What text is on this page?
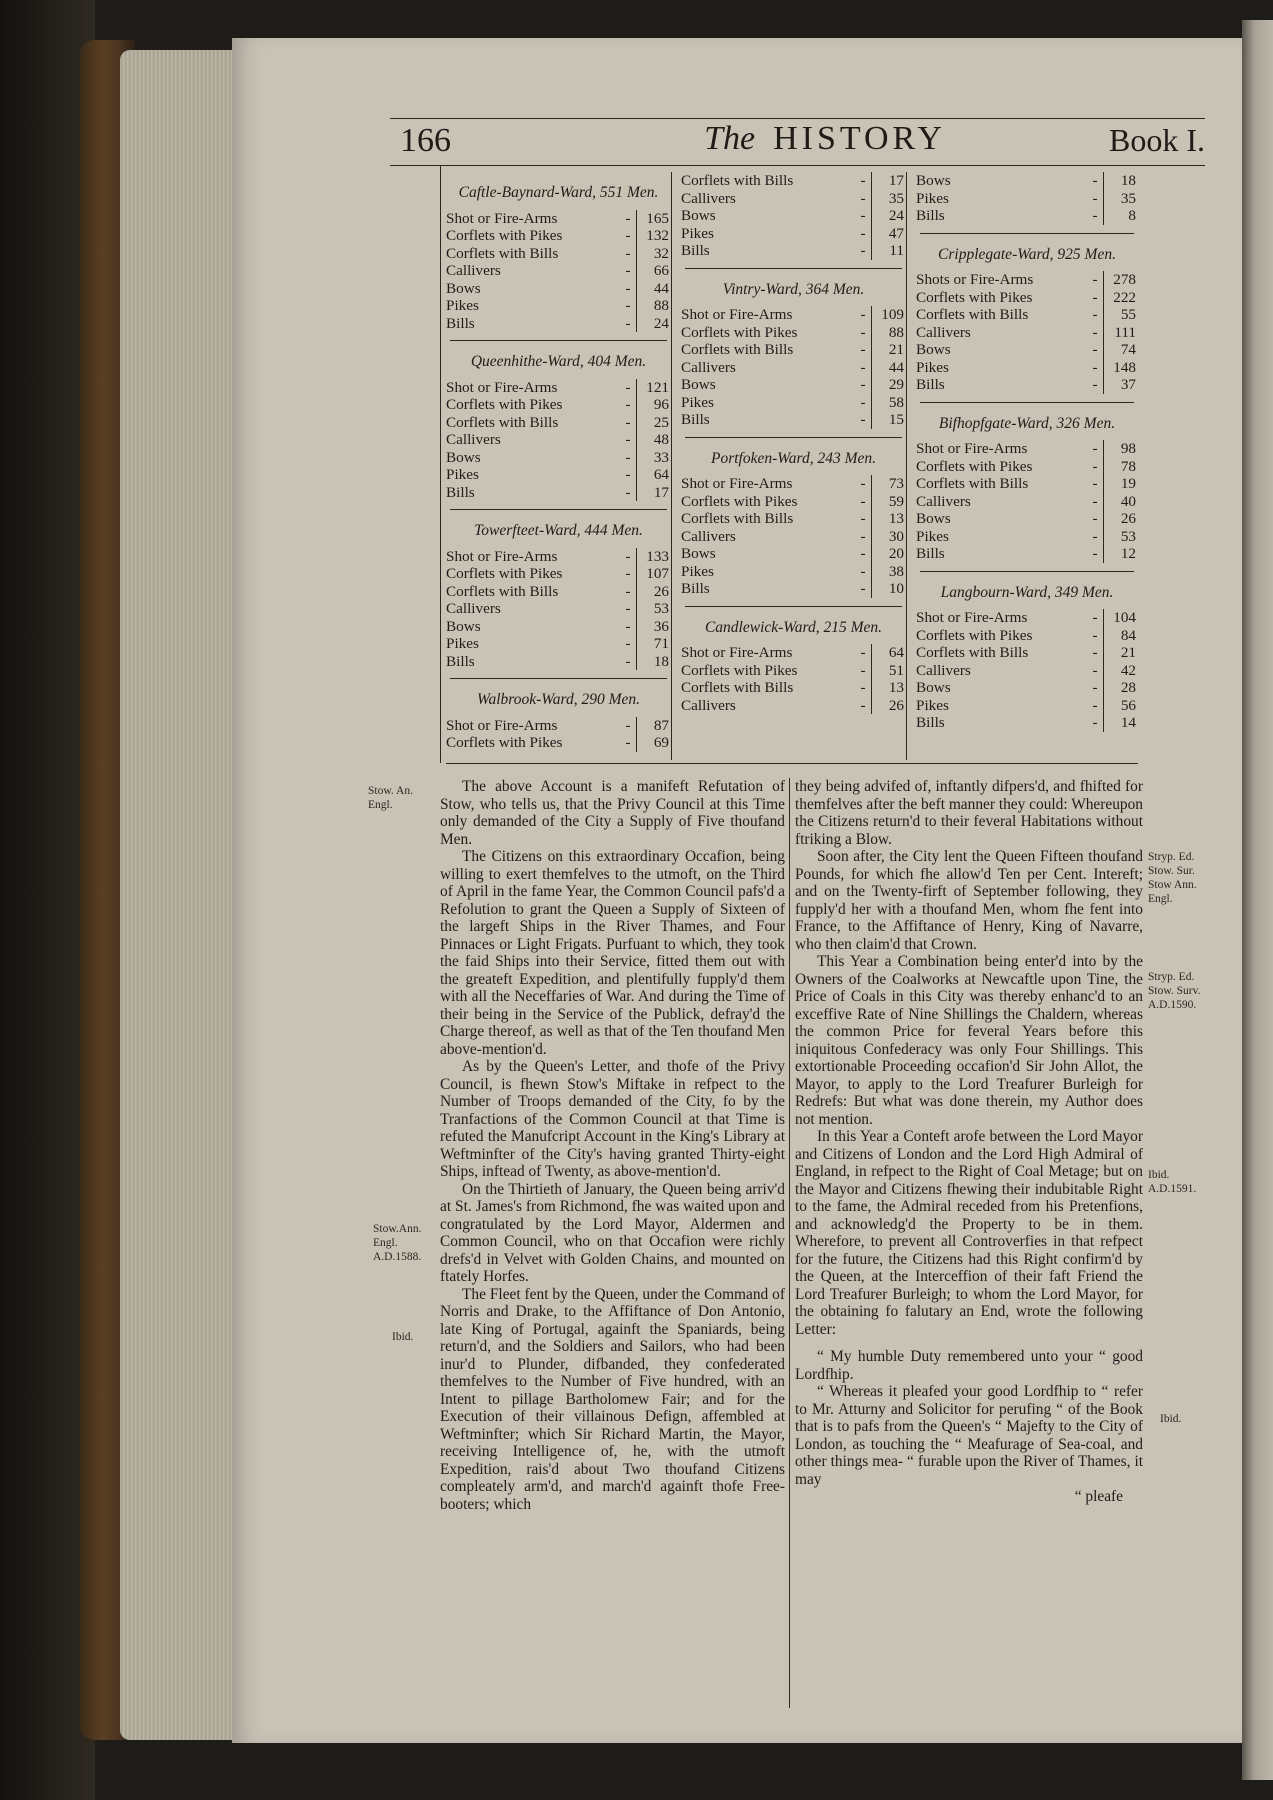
166	The HISTORY	Book I.
Caftle-Baynard-Ward, 551 Men.
Shot or Fire-Arms	-	165
Corflets with Pikes	-	132
Corflets with Bills	-	32
Callivers	-	66
Bows	-	44
Pikes	-	88
Bills	-	24
Queenhithe-Ward, 404 Men.
Shot or Fire-Arms	-	121
Corflets with Pikes	-	96
Corflets with Bills	-	25
Callivers	-	48
Bows	-	33
Pikes	-	64
Bills	-	17
Towerfteet-Ward, 444 Men.
Shot or Fire-Arms	-	133
Corflets with Pikes	-	107
Corflets with Bills	-	26
Callivers	-	53
Bows	-	36
Pikes	-	71
Bills	-	18
Walbrook-Ward, 290 Men.
Shot or Fire-Arms	-	87
Corflets with Pikes	-	69
Corflets with Bills	-	17
Callivers	-	35
Bows	-	24
Pikes	-	47
Bills	-	11
Vintry-Ward, 364 Men.
Shot or Fire-Arms	-	109
Corflets with Pikes	-	88
Corflets with Bills	-	21
Callivers	-	44
Bows	-	29
Pikes	-	58
Bills	-	15
Portfoken-Ward, 243 Men.
Shot or Fire-Arms	-	73
Corflets with Pikes	-	59
Corflets with Bills	-	13
Callivers	-	30
Bows	-	20
Pikes	-	38
Bills	-	10
Candlewick-Ward, 215 Men.
Shot or Fire-Arms	-	64
Corflets with Pikes	-	51
Corflets with Bills	-	13
Callivers	-	26
Bows	-	18
Pikes	-	35
Bills	-	8
Cripplegate-Ward, 925 Men.
Shots or Fire-Arms	-	278
Corflets with Pikes	-	222
Corflets with Bills	-	55
Callivers	-	111
Bows	-	74
Pikes	-	148
Bills	-	37
Bifhopfgate-Ward, 326 Men.
Shot or Fire-Arms	-	98
Corflets with Pikes	-	78
Corflets with Bills	-	19
Callivers	-	40
Bows	-	26
Pikes	-	53
Bills	-	12
Langbourn-Ward, 349 Men.
Shot or Fire-Arms	-	104
Corflets with Pikes	-	84
Corflets with Bills	-	21
Callivers	-	42
Bows	-	28
Pikes	-	56
Bills	-	14
Stow. An. Engl.
Stow.Ann. Engl. A.D.1588.
Ibid.
Stryp. Ed. Stow. Sur. Stow Ann. Engl.
Stryp. Ed. Stow. Surv. A.D.1590.
Ibid. A.D.1591.
Ibid.

The above Account is a manifeft Refutation of Stow, who tells us, that the Privy Council at this Time only demanded of the City a Supply of Five thoufand Men.

The Citizens on this extraordinary Occafion, being willing to exert themfelves to the utmoft, on the Third of April in the fame Year, the Common Council pafs'd a Refolution to grant the Queen a Supply of Sixteen of the largeft Ships in the River Thames, and Four Pinnaces or Light Frigats. Purfuant to which, they took the faid Ships into their Service, fitted them out with the greateft Expedition, and plentifully fupply'd them with all the Neceffaries of War. And during the Time of their being in the Service of the Publick, defray'd the Charge thereof, as well as that of the Ten thoufand Men above-mention'd.

As by the Queen's Letter, and thofe of the Privy Council, is fhewn Stow's Miftake in refpect to the Number of Troops demanded of the City, fo by the Tranfactions of the Common Council at that Time is refuted the Manufcript Account in the King's Library at Weftminfter of the City's having granted Thirty-eight Ships, inftead of Twenty, as above-mention'd.

On the Thirtieth of January, the Queen being arriv'd at St. James's from Richmond, fhe was waited upon and congratulated by the Lord Mayor, Aldermen and Common Council, who on that Occafion were richly drefs'd in Velvet with Golden Chains, and mounted on ftately Horfes.

The Fleet fent by the Queen, under the Command of Norris and Drake, to the Affiftance of Don Antonio, late King of Portugal, againft the Spaniards, being return'd, and the Soldiers and Sailors, who had been inur'd to Plunder, difbanded, they confederated themfelves to the Number of Five hundred, with an Intent to pillage Bartholomew Fair; and for the Execution of their villainous Defign, affembled at Weftminfter; which Sir Richard Martin, the Mayor, receiving Intelligence of, he, with the utmoft Expedition, rais'd about Two thoufand Citizens compleately arm'd, and march'd againft thofe Free-booters; which

they being advifed of, inftantly difpers'd, and fhifted for themfelves after the beft manner they could: Whereupon the Citizens return'd to their feveral Habitations without ftriking a Blow.

Soon after, the City lent the Queen Fifteen thoufand Pounds, for which fhe allow'd Ten per Cent. Intereft; and on the Twenty-firft of September following, they fupply'd her with a thoufand Men, whom fhe fent into France, to the Affiftance of Henry, King of Navarre, who then claim'd that Crown.

This Year a Combination being enter'd into by the Owners of the Coalworks at Newcaftle upon Tine, the Price of Coals in this City was thereby enhanc'd to an exceffive Rate of Nine Shillings the Chaldern, whereas the common Price for feveral Years before this iniquitous Confederacy was only Four Shillings. This extortionable Proceeding occafion'd Sir John Allot, the Mayor, to apply to the Lord Treafurer Burleigh for Redrefs: But what was done therein, my Author does not mention.

In this Year a Conteft arofe between the Lord Mayor and Citizens of London and the Lord High Admiral of England, in refpect to the Right of Coal Metage; but on the Mayor and Citizens fhewing their indubitable Right to the fame, the Admiral receded from his Pretenfions, and acknowledg'd the Property to be in them. Wherefore, to prevent all Controverfies in that refpect for the future, the Citizens had this Right confirm'd by the Queen, at the Interceffion of their faft Friend the Lord Treafurer Burleigh; to whom the Lord Mayor, for the obtaining fo falutary an End, wrote the following Letter:

“ My humble Duty remembered unto your “ good Lordfhip.

“ Whereas it pleafed your good Lordfhip to “ refer to Mr. Atturny and Solicitor for perufing “ of the Book that is to pafs from the Queen's “ Majefty to the City of London, as touching the “ Meafurage of Sea-coal, and other things mea- “ furable upon the River of Thames, it may

“ pleafe
